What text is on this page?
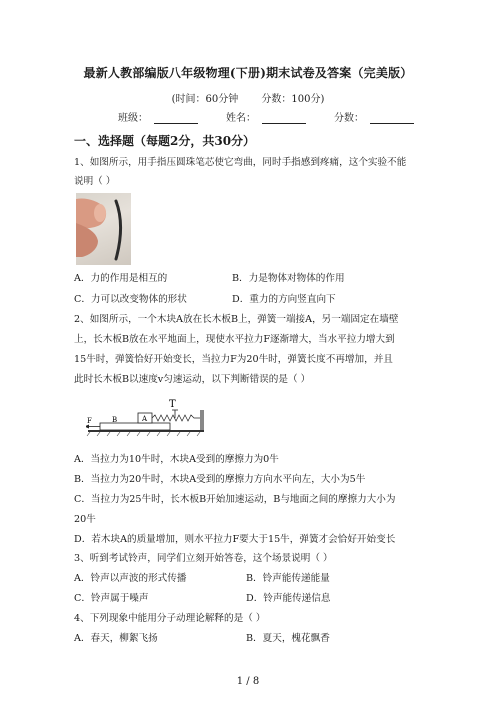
最新人教部编版八年级物理(下册)期末试卷及答案（完美版）
(时间：60分钟 分数：100分)
班级：	姓名：	分数：
一、选择题（每题2分，共30分）
1、如图所示，用手指压圆珠笔芯使它弯曲，同时手指感到疼痛，这个实验不能
说明（ ）
A．力的作用是相互的	B．力是物体对物体的作用
C．力可以改变物体的形状	D．重力的方向竖直向下
2、如图所示，一个木块A放在长木板B上，弹簧一端接A，另一端固定在墙壁
上，长木板B放在水平地面上，现使水平拉力F逐渐增大，当水平拉力增大到
15牛时，弹簧恰好开始变长，当拉力F为20牛时，弹簧长度不再增加，并且
此时长木板B以速度v匀速运动，以下判断错误的是（ ）
T
B	A
F
A．当拉力为10牛时，木块A受到的摩擦力为0牛
B．当拉力为20牛时，木块A受到的摩擦力方向水平向左，大小为5牛
C．当拉力为25牛时，长木板B开始加速运动，B与地面之间的摩擦力大小为
20牛
D．若木块A的质量增加，则水平拉力F要大于15牛，弹簧才会恰好开始变长
3、听到考试铃声，同学们立刻开始答卷，这个场景说明（ ）
A．铃声以声波的形式传播	B．铃声能传递能量
C．铃声属于噪声	D．铃声能传递信息
4、下列现象中能用分子动理论解释的是（ ）
A．春天，柳絮飞扬	B．夏天，槐花飘香
1 / 8
